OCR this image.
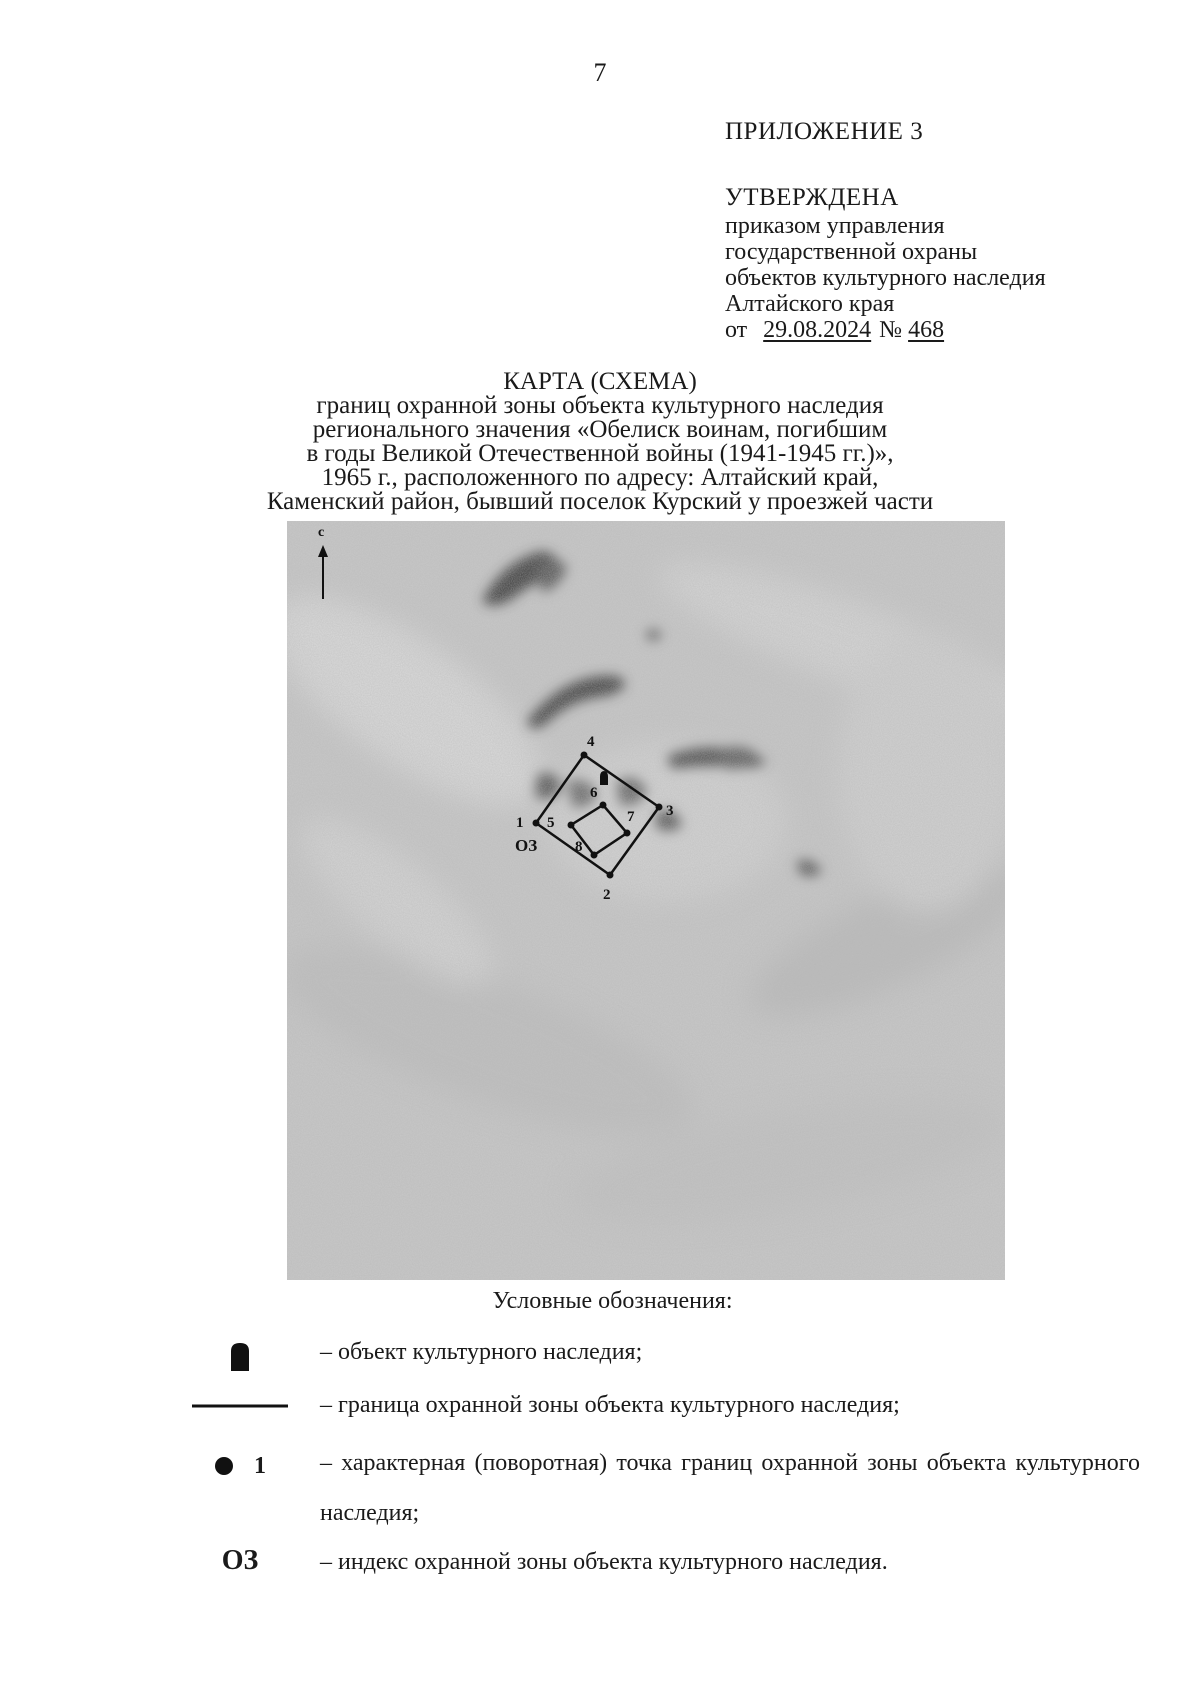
7
ПРИЛОЖЕНИЕ 3
УТВЕРЖДЕНА
приказом управления
государственной охраны
объектов культурного наследия
Алтайского края
от 29.08.2024 № 468
КАРТА (СХЕМА)
границ охранной зоны объекта культурного наследия
регионального значения «Обелиск воинам, погибшим
в годы Великой Отечественной войны (1941-1945 гг.)»,
1965 г., расположенного по адресу: Алтайский край,
Каменский район, бывший поселок Курский у проезжей части
с
1
2
3
4
5
6
7
8
ОЗ
Условные обозначения:
– объект культурного наследия;
– граница охранной зоны объекта культурного наследия;
1	– характерная (поворотная) точка границ охранной зоны объекта культурного наследия;
ОЗ	– индекс охранной зоны объекта культурного наследия.
